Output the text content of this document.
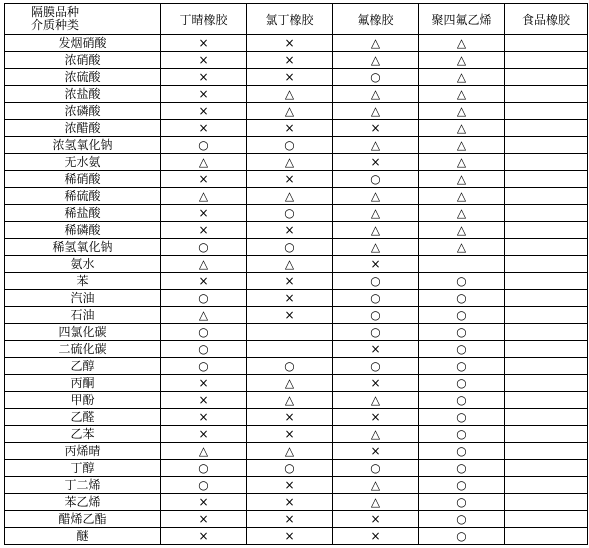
隔膜品种
介质种类	丁晴橡胶	氯丁橡胶	氟橡胶	聚四氟乙烯	食品橡胶
发烟硝酸	×	×	△	△	
浓硝酸	×	×	△	△	
浓硫酸	×	×	○	△	
浓盐酸	×	△	△	△	
浓磷酸	×	△	△	△	
浓醋酸	×	×	×	△	
浓氢氧化钠	○	○	△	△	
无水氨	△	△	×	△	
稀硝酸	×	×	○	△	
稀硫酸	△	△	△	△	
稀盐酸	×	○	△	△	
稀磷酸	×	×	△	△	
稀氢氧化钠	○	○	△	△	
氨水	△	△	×		
苯	×	×	○	○	
汽油	○	×	○	○	
石油	△	×	○	○	
四氯化碳	○		○	○	
二硫化碳	○		×	○	
乙醇	○	○	○	○	
丙酮	×	△	×	○	
甲酚	×	△	△	○	
乙醛	×	×	×	○	
乙苯	×	×	△	○	
丙烯晴	△	△	×	○	
丁醇	○	○	○	○	
丁二烯	○	×	△	○	
苯乙烯	×	×	△	○	
醋烯乙酯	×	×	×	○	
醚	×	×	×	○	
